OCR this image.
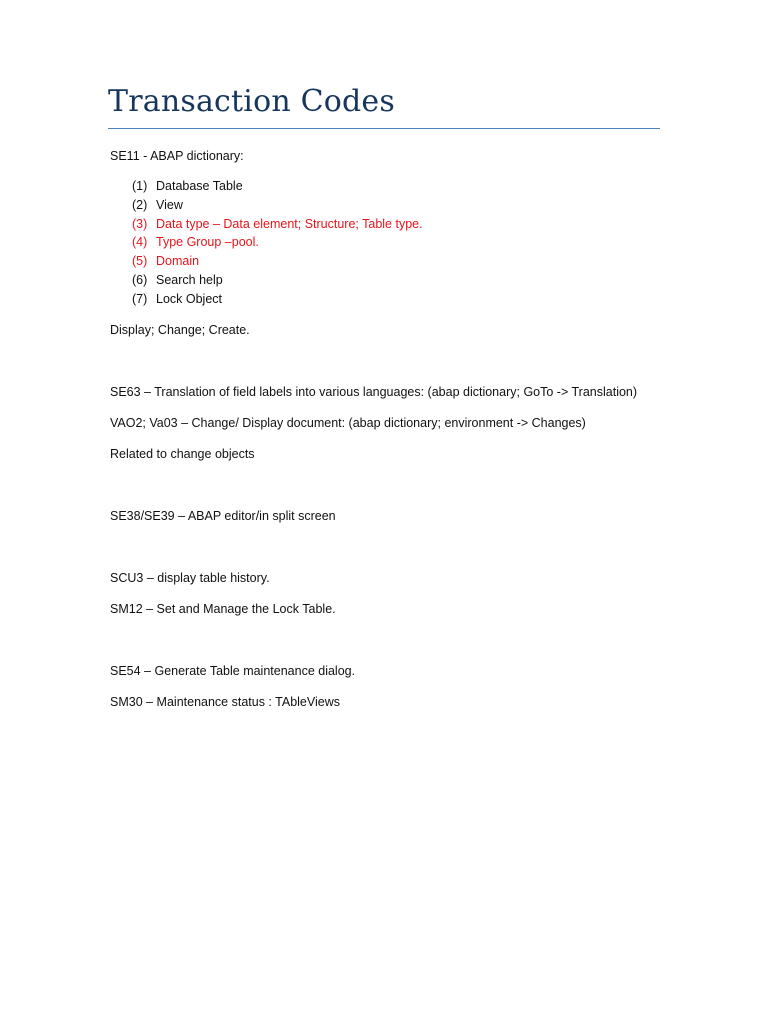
Transaction Codes
SE11 - ABAP dictionary:
(1) Database Table
(2) View
(3) Data type – Data element; Structure; Table type.
(4) Type Group –pool.
(5) Domain
(6) Search help
(7) Lock Object
Display; Change; Create.
SE63 – Translation of field labels into various languages: (abap dictionary; GoTo -> Translation)
VAO2; Va03 – Change/ Display document: (abap dictionary; environment -> Changes)
Related to change objects
SE38/SE39 – ABAP editor/in split screen
SCU3 – display table history.
SM12 – Set and Manage the Lock Table.
SE54 – Generate Table maintenance dialog.
SM30 – Maintenance status : TAbleViews
